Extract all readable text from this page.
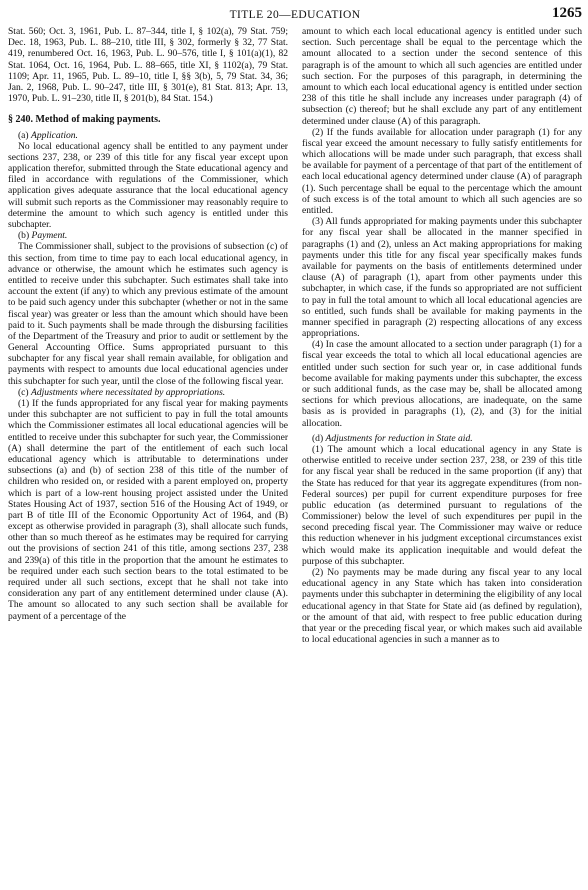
TITLE 20—EDUCATION	1265

Stat. 560; Oct. 3, 1961, Pub. L. 87–344, title I, § 102(a), 79 Stat. 759; Dec. 18, 1963, Pub. L. 88–210, title III, § 302, formerly § 32, 77 Stat. 419, renumbered Oct. 16, 1963, Pub. L. 90–576, title I, § 101(a)(1), 82 Stat. 1064, Oct. 16, 1964, Pub. L. 88–665, title XI, § 1102(a), 79 Stat. 1109; Apr. 11, 1965, Pub. L. 89–10, title I, §§ 3(b), 5, 79 Stat. 34, 36; Jan. 2, 1968, Pub. L. 90–247, title III, § 301(e), 81 Stat. 813; Apr. 13, 1970, Pub. L. 91–230, title II, § 201(b), 84 Stat. 154.)

§ 240. Method of making payments.

(a) Application.

No local educational agency shall be entitled to any payment under sections 237, 238, or 239 of this title for any fiscal year except upon application therefor, submitted through the State educational agency and filed in accordance with regulations of the Commissioner, which application gives adequate assurance that the local educational agency will submit such reports as the Commissioner may reasonably require to determine the amount to which such agency is entitled under this subchapter.

(b) Payment.

The Commissioner shall, subject to the provisions of subsection (c) of this section, from time to time pay to each local educational agency, in advance or otherwise, the amount which he estimates such agency is entitled to receive under this subchapter. Such estimates shall take into account the extent (if any) to which any previous estimate of the amount to be paid such agency under this subchapter (whether or not in the same fiscal year) was greater or less than the amount which should have been paid to it. Such payments shall be made through the disbursing facilities of the Department of the Treasury and prior to audit or settlement by the General Accounting Office. Sums appropriated pursuant to this subchapter for any fiscal year shall remain available, for obligation and payments with respect to amounts due local educational agencies under this subchapter for such year, until the close of the following fiscal year.

(c) Adjustments where necessitated by appropriations.

(1) If the funds appropriated for any fiscal year for making payments under this subchapter are not sufficient to pay in full the total amounts which the Commissioner estimates all local educational agencies will be entitled to receive under this subchapter for such year, the Commissioner (A) shall determine the part of the entitlement of each such local educational agency which is attributable to determinations under subsections (a) and (b) of section 238 of this title of the number of children who resided on, or resided with a parent employed on, property which is part of a low-rent housing project assisted under the United States Housing Act of 1937, section 516 of the Housing Act of 1949, or part B of title III of the Economic Opportunity Act of 1964, and (B) except as otherwise provided in paragraph (3), shall allocate such funds, other than so much thereof as he estimates may be required for carrying out the provisions of section 241 of this title, among sections 237, 238 and 239(a) of this title in the proportion that the amount he estimates to be required under each such section bears to the total estimated to be required under all such sections, except that he shall not take into consideration any part of any entitlement determined under clause (A). The amount so allocated to any such section shall be available for payment of a percentage of the

amount to which each local educational agency is entitled under such section. Such percentage shall be equal to the percentage which the amount allocated to a section under the second sentence of this paragraph is of the amount to which all such agencies are entitled under such section. For the purposes of this paragraph, in determining the amount to which each local educational agency is entitled under section 238 of this title he shall include any increases under paragraph (4) of subsection (c) thereof; but he shall exclude any part of any entitlement determined under clause (A) of this paragraph.

(2) If the funds available for allocation under paragraph (1) for any fiscal year exceed the amount necessary to fully satisfy entitlements for which allocations will be made under such paragraph, that excess shall be available for payment of a percentage of that part of the entitlement of each local educational agency determined under clause (A) of paragraph (1). Such percentage shall be equal to the percentage which the amount of such excess is of the total amount to which all such agencies are so entitled.

(3) All funds appropriated for making payments under this subchapter for any fiscal year shall be allocated in the manner specified in paragraphs (1) and (2), unless an Act making appropriations for making payments under this title for any fiscal year specifically makes funds available for payments on the basis of entitlements determined under clause (A) of paragraph (1), apart from other payments under this subchapter, in which case, if the funds so appropriated are not sufficient to pay in full the total amount to which all local educational agencies are so entitled, such funds shall be available for making payments in the manner specified in paragraph (2) respecting allocations of any excess appropriations.

(4) In case the amount allocated to a section under paragraph (1) for a fiscal year exceeds the total to which all local educational agencies are entitled under such section for such year or, in case additional funds become available for making payments under this subchapter, the excess or such additional funds, as the case may be, shall be allocated among sections for which previous allocations, are inadequate, on the same basis as is provided in paragraphs (1), (2), and (3) for the initial allocation.

(d) Adjustments for reduction in State aid.

(1) The amount which a local educational agency in any State is otherwise entitled to receive under section 237, 238, or 239 of this title for any fiscal year shall be reduced in the same proportion (if any) that the State has reduced for that year its aggregate expenditures (from non-Federal sources) per pupil for current expenditure purposes for free public education (as determined pursuant to regulations of the Commissioner) below the level of such expenditures per pupil in the second preceding fiscal year. The Commissioner may waive or reduce this reduction whenever in his judgment exceptional circumstances exist which would make its application inequitable and would defeat the purpose of this subchapter.

(2) No payments may be made during any fiscal year to any local educational agency in any State which has taken into consideration payments under this subchapter in determining the eligibility of any local educational agency in that State for State aid (as defined by regulation), or the amount of that aid, with respect to free public education during that year or the preceding fiscal year, or which makes such aid available to local educational agencies in such a manner as to
